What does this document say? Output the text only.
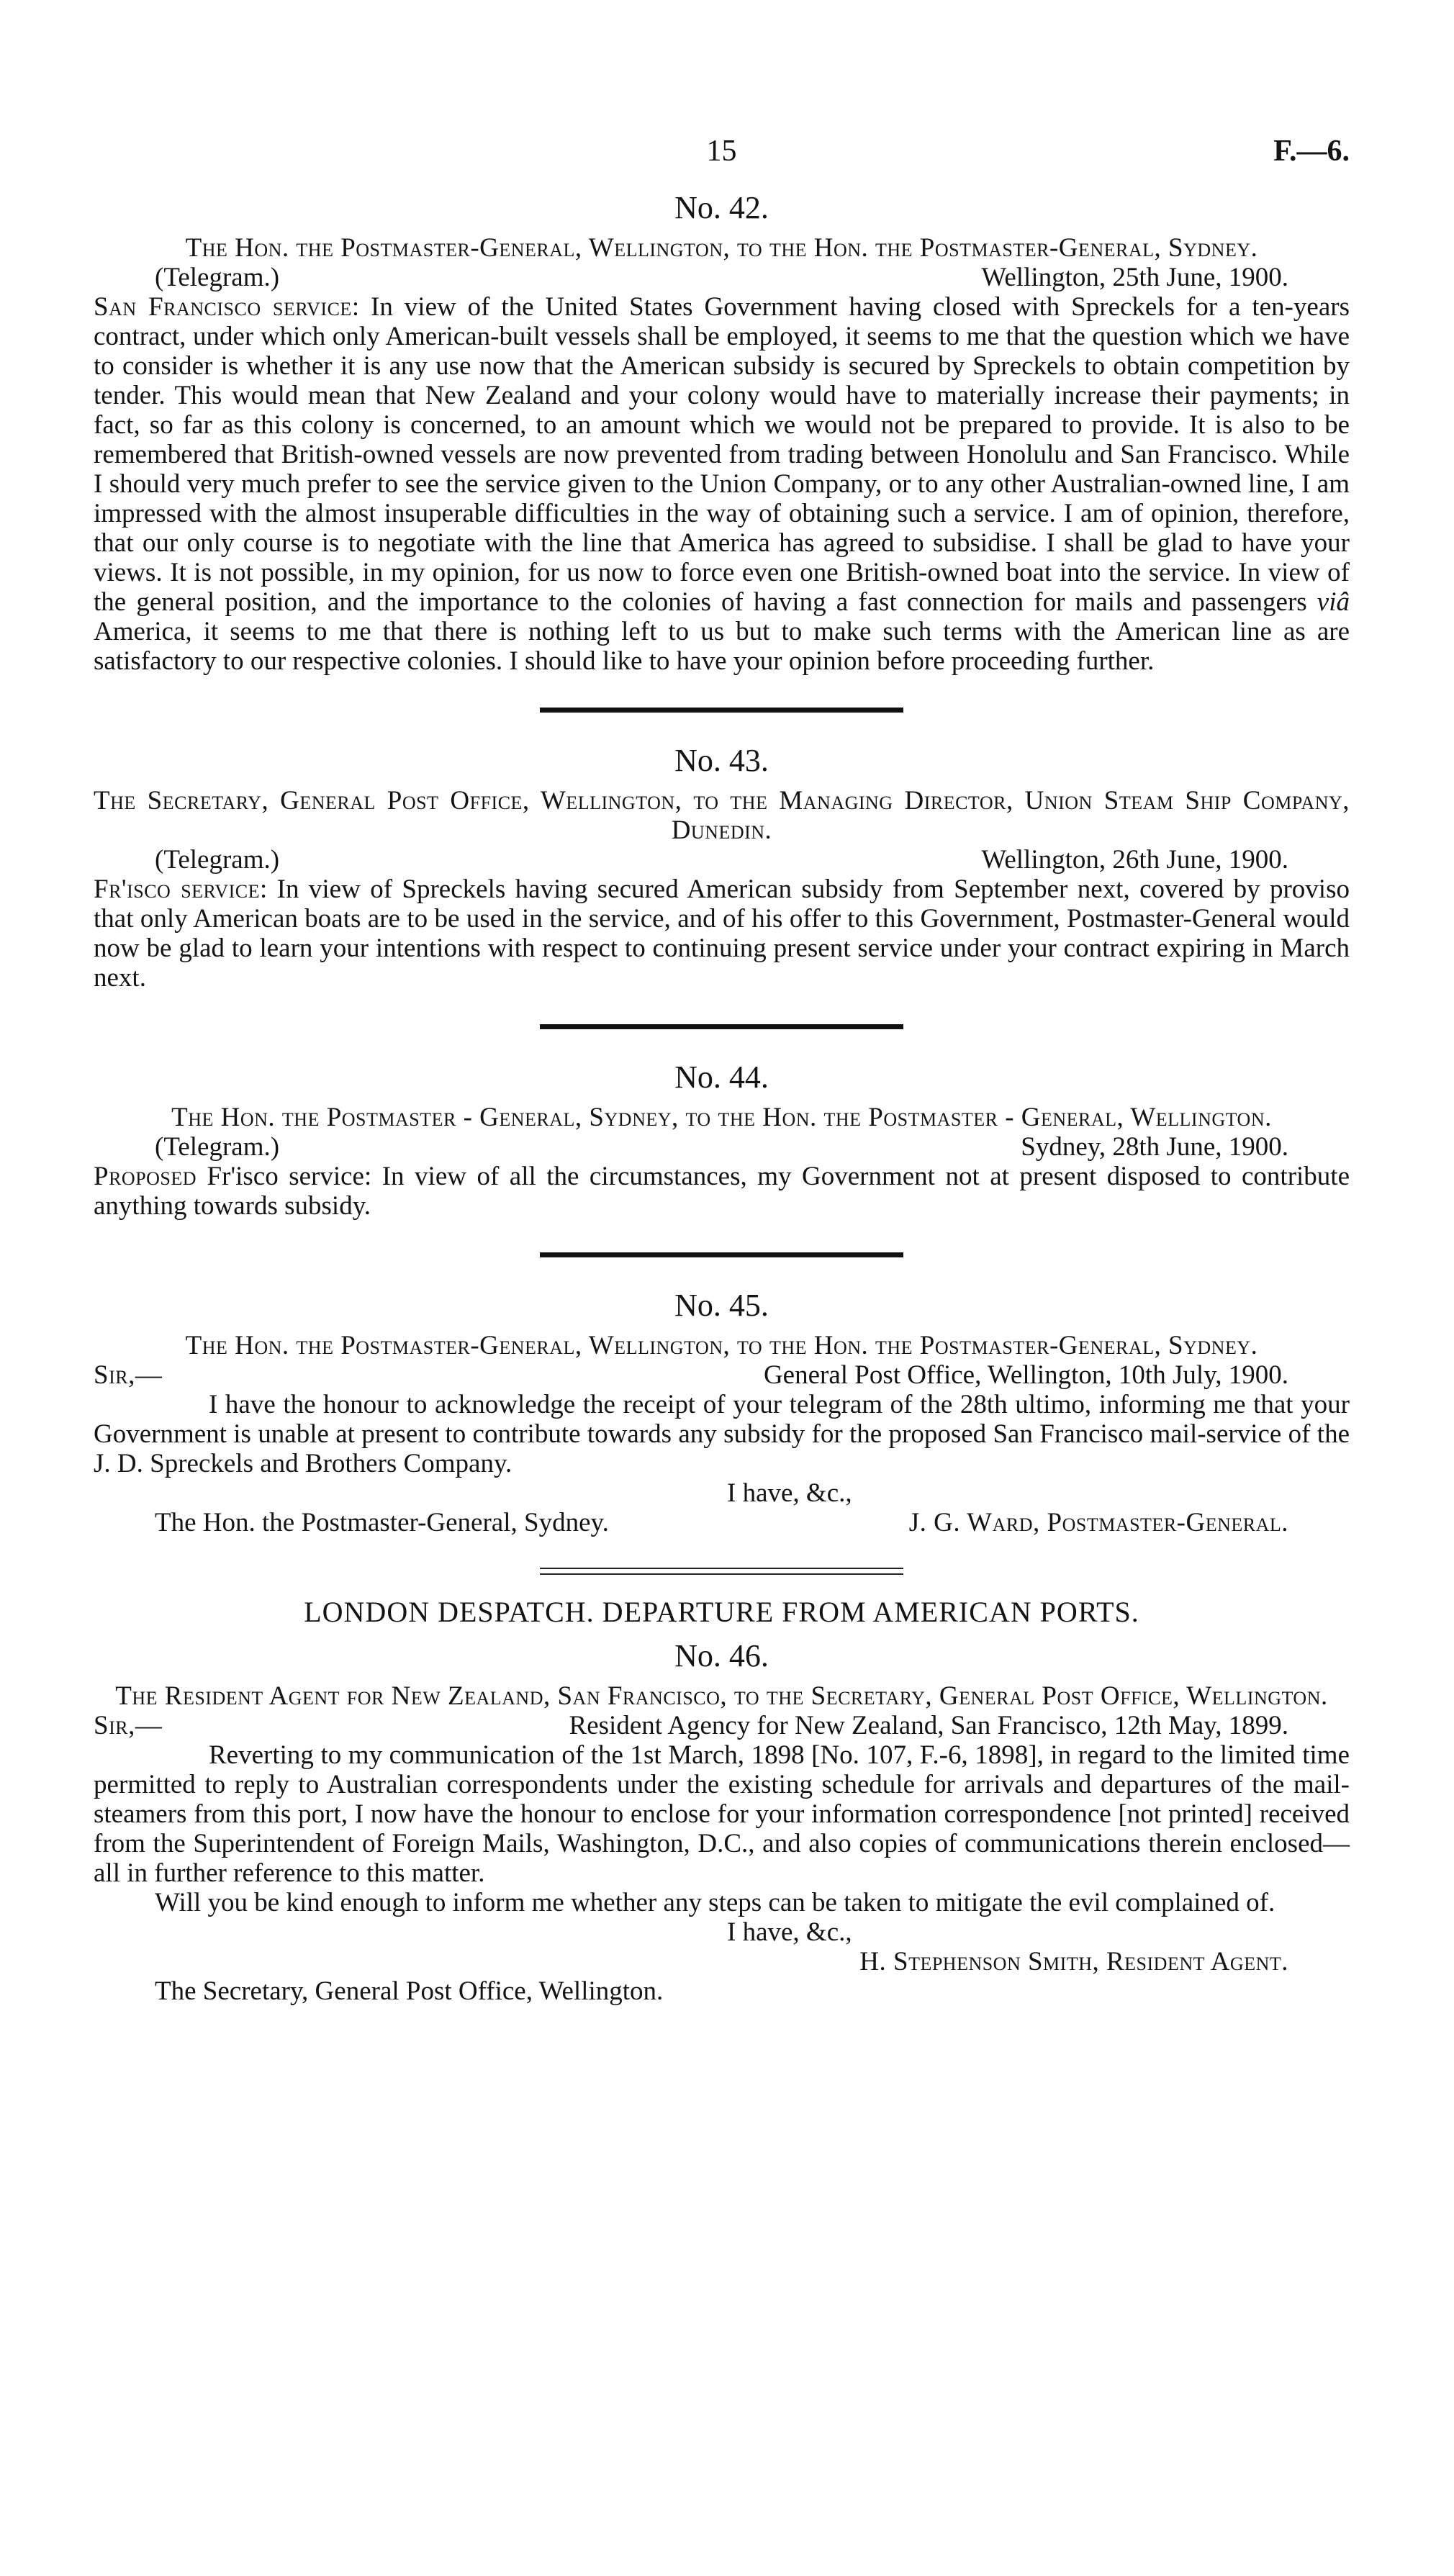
15	F.—6.
No. 42.
The Hon. the Postmaster-General, Wellington, to the Hon. the Postmaster-General, Sydney.
(Telegram.)	Wellington, 25th June, 1900.

San Francisco service: In view of the United States Government having closed with Spreckels for a ten-years contract, under which only American-built vessels shall be employed, it seems to me that the question which we have to consider is whether it is any use now that the American subsidy is secured by Spreckels to obtain competition by tender. This would mean that New Zealand and your colony would have to materially increase their payments; in fact, so far as this colony is concerned, to an amount which we would not be prepared to provide. It is also to be remembered that British-owned vessels are now prevented from trading between Honolulu and San Francisco. While I should very much prefer to see the service given to the Union Company, or to any other Australian-owned line, I am impressed with the almost insuperable difficulties in the way of obtaining such a service. I am of opinion, therefore, that our only course is to negotiate with the line that America has agreed to subsidise. I shall be glad to have your views. It is not possible, in my opinion, for us now to force even one British-owned boat into the service. In view of the general position, and the importance to the colonies of having a fast connection for mails and passengers viâ America, it seems to me that there is nothing left to us but to make such terms with the American line as are satisfactory to our respective colonies. I should like to have your opinion before proceeding further.

No. 43.
The Secretary, General Post Office, Wellington, to the Managing Director, Union Steam Ship Company, Dunedin.
(Telegram.)	Wellington, 26th June, 1900.

Fr'isco service: In view of Spreckels having secured American subsidy from September next, covered by proviso that only American boats are to be used in the service, and of his offer to this Government, Postmaster-General would now be glad to learn your intentions with respect to continuing present service under your contract expiring in March next.

No. 44.
The Hon. the Postmaster - General, Sydney, to the Hon. the Postmaster - General, Wellington.
(Telegram.)	Sydney, 28th June, 1900.

Proposed Fr'isco service: In view of all the circumstances, my Government not at present disposed to contribute anything towards subsidy.

No. 45.
The Hon. the Postmaster-General, Wellington, to the Hon. the Postmaster-General, Sydney.
Sir,—	General Post Office, Wellington, 10th July, 1900.

I have the honour to acknowledge the receipt of your telegram of the 28th ultimo, informing me that your Government is unable at present to contribute towards any subsidy for the proposed San Francisco mail-service of the J. D. Spreckels and Brothers Company.

I have, &c.,
The Hon. the Postmaster-General, Sydney.	J. G. Ward, Postmaster-General.
LONDON DESPATCH. DEPARTURE FROM AMERICAN PORTS.
No. 46.
The Resident Agent for New Zealand, San Francisco, to the Secretary, General Post Office, Wellington.
Sir,—	Resident Agency for New Zealand, San Francisco, 12th May, 1899.

Reverting to my communication of the 1st March, 1898 [No. 107, F.-6, 1898], in regard to the limited time permitted to reply to Australian correspondents under the existing schedule for arrivals and departures of the mail-steamers from this port, I now have the honour to enclose for your information correspondence [not printed] received from the Superintendent of Foreign Mails, Washington, D.C., and also copies of communications therein enclosed—all in further reference to this matter.

Will you be kind enough to inform me whether any steps can be taken to mitigate the evil complained of.

I have, &c.,
H. Stephenson Smith, Resident Agent.
The Secretary, General Post Office, Wellington.
